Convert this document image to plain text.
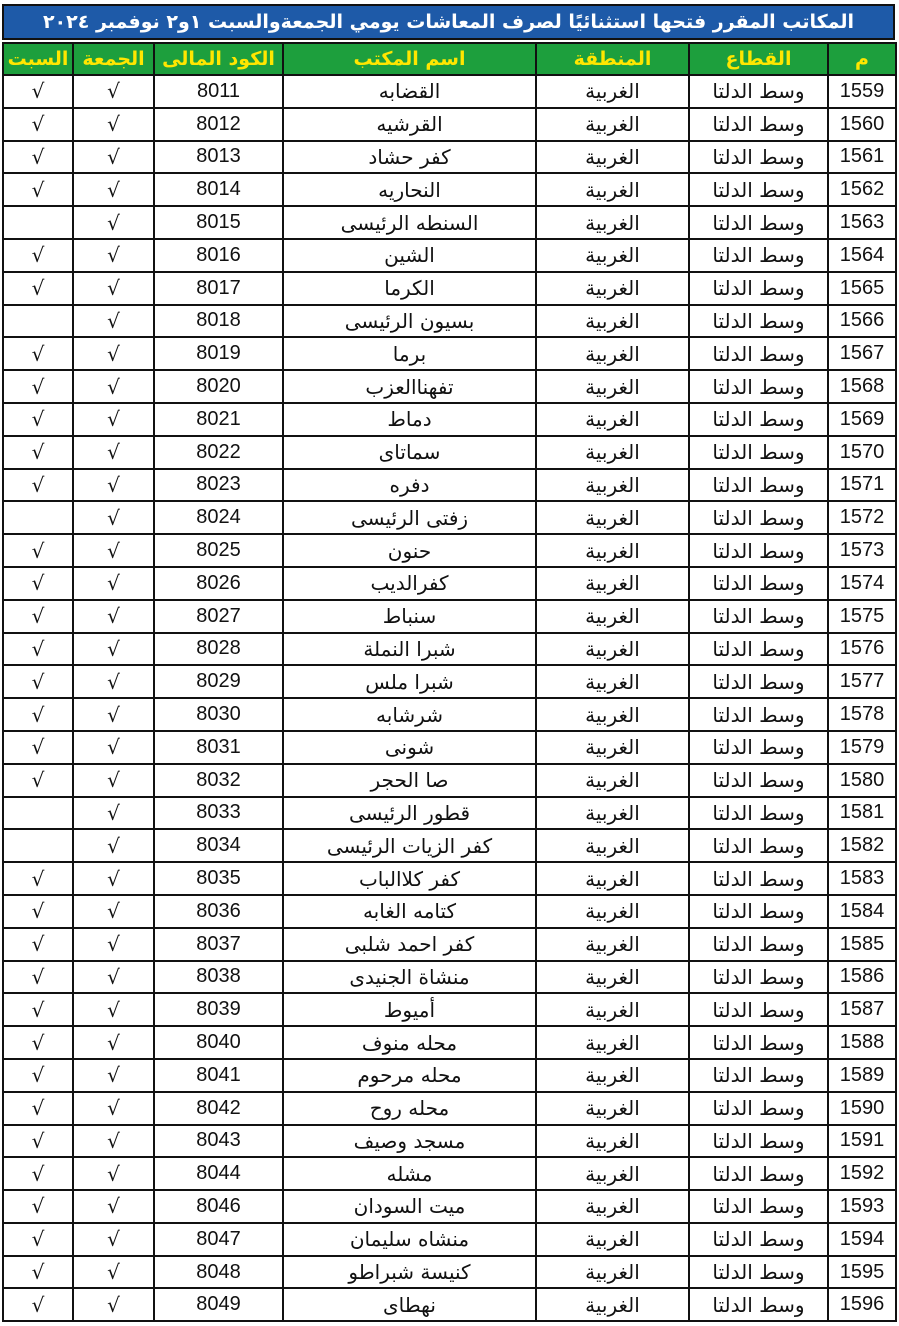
المكاتب المقرر فتحها استثنائيًا لصرف المعاشات يومي الجمعةوالسبت ١و٢ نوفمبر ٢٠٢٤
م	القطاع	المنطقة	اسم المكتب	الكود المالى	الجمعة	السبت
1559	وسط الدلتا	الغربية	القضابه	8011	√	√
1560	وسط الدلتا	الغربية	القرشيه	8012	√	√
1561	وسط الدلتا	الغربية	كفر حشاد	8013	√	√
1562	وسط الدلتا	الغربية	النحاريه	8014	√	√
1563	وسط الدلتا	الغربية	السنطه الرئيسى	8015	√	
1564	وسط الدلتا	الغربية	الشين	8016	√	√
1565	وسط الدلتا	الغربية	الكرما	8017	√	√
1566	وسط الدلتا	الغربية	بسيون الرئيسى	8018	√	
1567	وسط الدلتا	الغربية	برما	8019	√	√
1568	وسط الدلتا	الغربية	تفهناالعزب	8020	√	√
1569	وسط الدلتا	الغربية	دماط	8021	√	√
1570	وسط الدلتا	الغربية	سماتاى	8022	√	√
1571	وسط الدلتا	الغربية	دفره	8023	√	√
1572	وسط الدلتا	الغربية	زفتى الرئيسى	8024	√	
1573	وسط الدلتا	الغربية	حنون	8025	√	√
1574	وسط الدلتا	الغربية	كفرالديب	8026	√	√
1575	وسط الدلتا	الغربية	سنباط	8027	√	√
1576	وسط الدلتا	الغربية	شبرا النملة	8028	√	√
1577	وسط الدلتا	الغربية	شبرا ملس	8029	√	√
1578	وسط الدلتا	الغربية	شرشابه	8030	√	√
1579	وسط الدلتا	الغربية	شونى	8031	√	√
1580	وسط الدلتا	الغربية	صا الحجر	8032	√	√
1581	وسط الدلتا	الغربية	قطور الرئيسى	8033	√	
1582	وسط الدلتا	الغربية	كفر الزيات الرئيسى	8034	√	
1583	وسط الدلتا	الغربية	كفر كلاالباب	8035	√	√
1584	وسط الدلتا	الغربية	كتامه الغابه	8036	√	√
1585	وسط الدلتا	الغربية	كفر احمد شلبى	8037	√	√
1586	وسط الدلتا	الغربية	منشاة الجنيدى	8038	√	√
1587	وسط الدلتا	الغربية	أميوط	8039	√	√
1588	وسط الدلتا	الغربية	محله منوف	8040	√	√
1589	وسط الدلتا	الغربية	محله مرحوم	8041	√	√
1590	وسط الدلتا	الغربية	محله روح	8042	√	√
1591	وسط الدلتا	الغربية	مسجد وصيف	8043	√	√
1592	وسط الدلتا	الغربية	مشله	8044	√	√
1593	وسط الدلتا	الغربية	ميت السودان	8046	√	√
1594	وسط الدلتا	الغربية	منشاه سليمان	8047	√	√
1595	وسط الدلتا	الغربية	كنيسة شبراطو	8048	√	√
1596	وسط الدلتا	الغربية	نهطاى	8049	√	√
